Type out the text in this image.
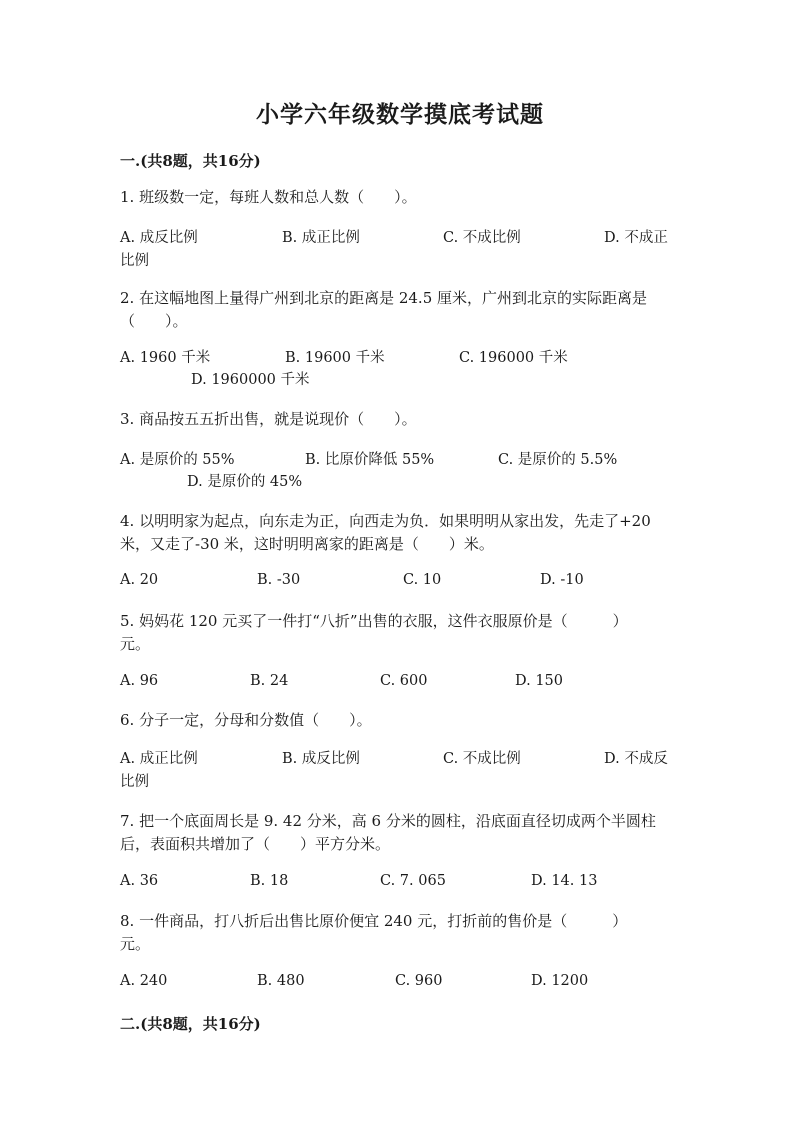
小学六年级数学摸底考试题
一.(共8题，共16分)
1. 班级数一定，每班人数和总人数（　　）。
A. 成反比例	B. 成正比例	C. 不成比例	D. 不成正
比例
2. 在这幅地图上量得广州到北京的距离是 24.5 厘米，广州到北京的实际距离是
（　　）。
A. 1960 千米	B. 19600 千米	C. 196000 千米
D. 1960000 千米
3. 商品按五五折出售，就是说现价（　　）。
A. 是原价的 55%	B. 比原价降低 55%	C. 是原价的 5.5%
D. 是原价的 45%
4. 以明明家为起点，向东走为正，向西走为负．如果明明从家出发，先走了+20
米，又走了-30 米，这时明明离家的距离是（　　）米。
A. 20	B. -30	C. 10	D. -10
5. 妈妈花 120 元买了一件打“八折”出售的衣服，这件衣服原价是（　　　）
元。
A. 96	B. 24	C. 600	D. 150
6. 分子一定，分母和分数值（　　）。
A. 成正比例	B. 成反比例	C. 不成比例	D. 不成反
比例
7. 把一个底面周长是 9. 42 分米，高 6 分米的圆柱，沿底面直径切成两个半圆柱
后，表面积共增加了（　　）平方分米。
A. 36	B. 18	C. 7. 065	D. 14. 13
8. 一件商品，打八折后出售比原价便宜 240 元，打折前的售价是（　　　）
元。
A. 240	B. 480	C. 960	D. 1200
二.(共8题，共16分)
